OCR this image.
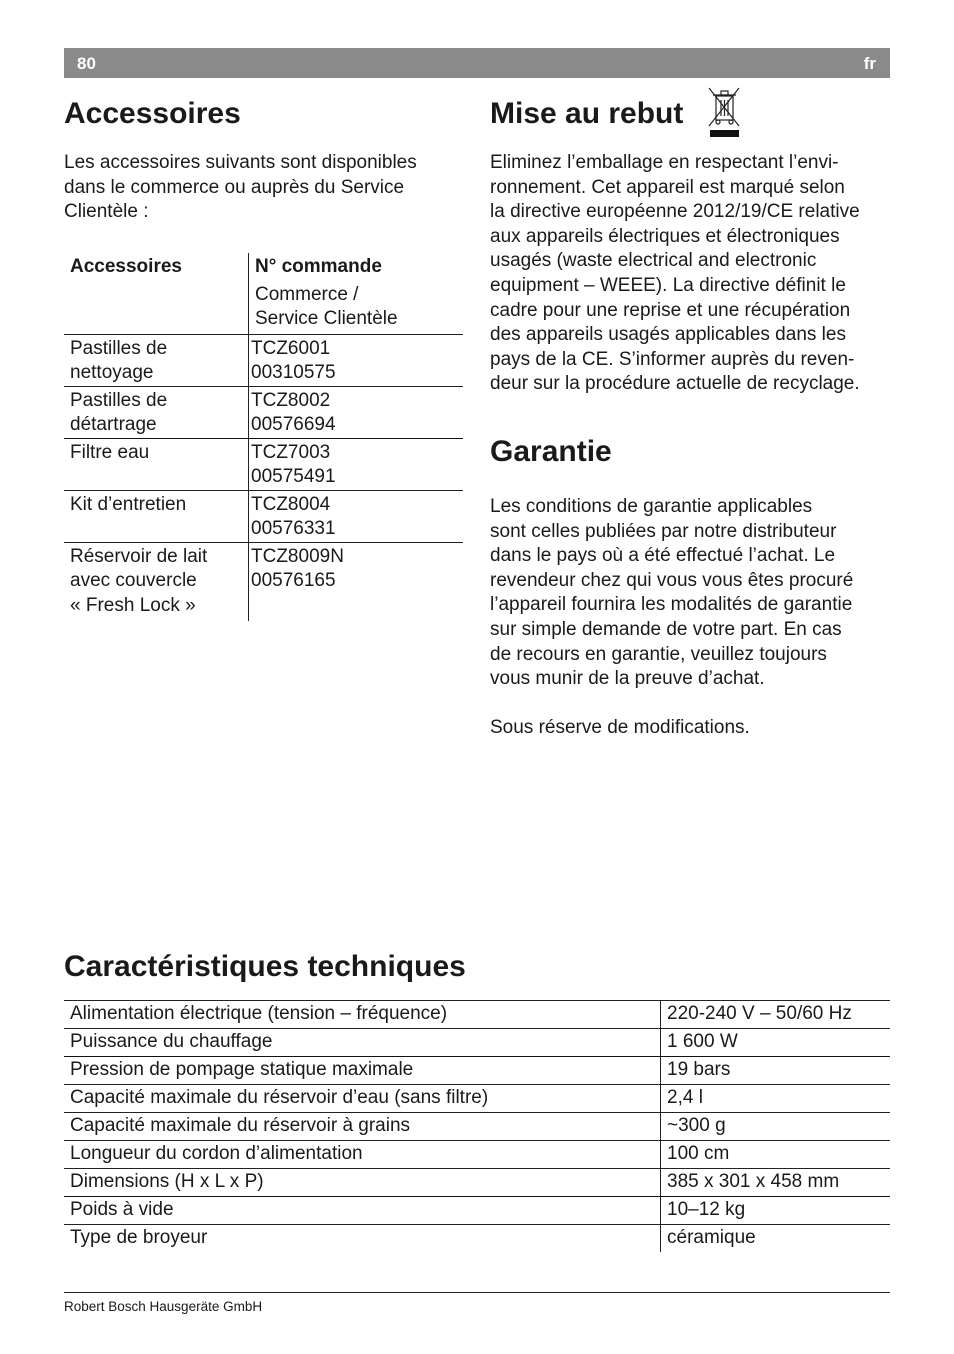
80	fr
Accessoires

Les accessoires suivants sont disponibles
dans le commerce ou auprès du Service
Clientèle :

Accessoires	N° commande

Commerce /
Service Clientèle

Pastilles de
nettoyage	TCZ6001
00310575
Pastilles de
détartrage	TCZ8002
00576694
Filtre eau	TCZ7003
00575491
Kit d’entretien	TCZ8004
00576331
Réservoir de lait
avec couvercle
« Fresh Lock »	TCZ8009N
00576165
Mise au rebut

Eliminez l’emballage en respectant l’envi-
ronnement. Cet appareil est marqué selon
la directive européenne 2012/19/CE relative
aux appareils électriques et électroniques
usagés (waste electrical and electronic
equipment – WEEE). La directive définit le
cadre pour une reprise et une récupération
des appareils usagés applicables dans les
pays de la CE. S’informer auprès du reven-
deur sur la procédure actuelle de recyclage.

Garantie

Les conditions de garantie applicables
sont celles publiées par notre distributeur
dans le pays où a été effectué l’achat. Le
revendeur chez qui vous vous êtes procuré
l’appareil fournira les modalités de garantie
sur simple demande de votre part. En cas
de recours en garantie, veuillez toujours
vous munir de la preuve d’achat.

Sous réserve de modifications.

Caractéristiques techniques
Alimentation électrique (tension – fréquence)	220-240 V – 50/60 Hz
Puissance du chauffage	1 600 W
Pression de pompage statique maximale	19 bars
Capacité maximale du réservoir d’eau (sans filtre)	2,4 l
Capacité maximale du réservoir à grains	~300 g
Longueur du cordon d’alimentation	100 cm
Dimensions (H x L x P)	385 x 301 x 458 mm
Poids à vide	10–12 kg
Type de broyeur	céramique
Robert Bosch Hausgeräte GmbH
